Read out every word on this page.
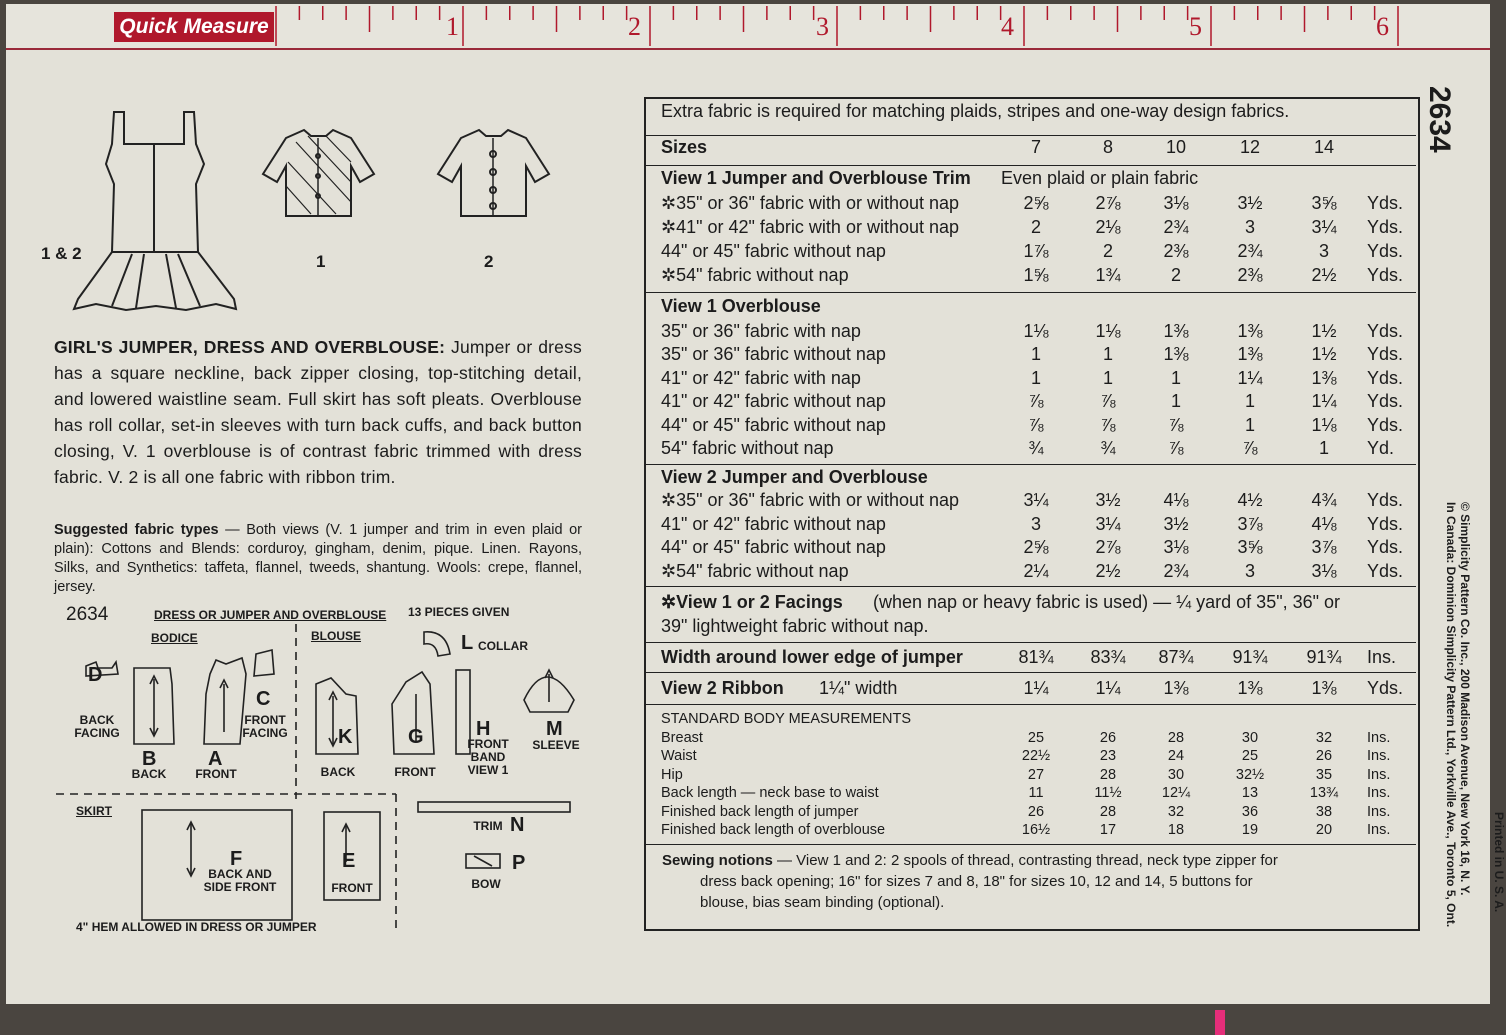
Quick Measure	1	2	3	4	5	6
1 & 2	1	2
GIRL'S JUMPER, DRESS AND OVERBLOUSE: Jumper or dress has a square neckline, back zipper closing, top-stitching detail, and lowered waistline seam. Full skirt has soft pleats. Overblouse has roll collar, set-in sleeves with turn back cuffs, and back button closing, V. 1 overblouse is of contrast fabric trimmed with dress fabric. V. 2 is all one fabric with ribbon trim.
Suggested fabric types — Both views (V. 1 jumper and trim in even plaid or plain): Cottons and Blends: corduroy, gingham, denim, pique. Linen. Rayons, Silks, and Synthetics: taffeta, flannel, tweeds, shantung. Wools: crepe, flannel, jersey.
2634	DRESS OR JUMPER AND OVERBLOUSE 13 PIECES GIVEN
BODICE	BLOUSE
SKIRT
4" HEM ALLOWED IN DRESS OR JUMPER
D
BACK FACING
B
BACK
A
FRONT
C
FRONT FACING	K
BACK
G
FRONT
H
FRONT BAND VIEW 1
M
SLEEVE
L COLLAR
F
BACK AND SIDE FRONT
E
FRONT
N
TRIM
P
BOW
Extra fabric is required for matching plaids, stripes and one-way design fabrics.
Sizes	7	8	10	12	14
View 1 Jumper and Overblouse Trim Even plaid or plain fabric
✲35" or 36" fabric with or without nap	2⅝	2⅞	3⅛	3½	3⅝	Yds.
✲41" or 42" fabric with or without nap	2	2⅛	2¾	3	3¼	Yds.
44" or 45" fabric without nap	1⅞	2	2⅜	2¾	3	Yds.
✲54" fabric without nap	1⅝	1¾	2	2⅜	2½	Yds.
View 1 Overblouse
35" or 36" fabric with nap	1⅛	1⅛	1⅜	1⅜	1½	Yds.
35" or 36" fabric without nap	1	1	1⅜	1⅜	1½	Yds.
41" or 42" fabric with nap	1	1	1	1¼	1⅜	Yds.
41" or 42" fabric without nap	⅞	⅞	1	1	1¼	Yds.
44" or 45" fabric without nap	⅞	⅞	⅞	1	1⅛	Yds.
54" fabric without nap	¾	¾	⅞	⅞	1	Yd.
View 2 Jumper and Overblouse
✲35" or 36" fabric with or without nap	3¼	3½	4⅛	4½	4¾	Yds.
41" or 42" fabric without nap	3	3¼	3½	3⅞	4⅛	Yds.
44" or 45" fabric without nap	2⅝	2⅞	3⅛	3⅝	3⅞	Yds.
✲54" fabric without nap	2¼	2½	2¾	3	3⅛	Yds.
✲View 1 or 2 Facings (when nap or heavy fabric is used) — ¼ yard of 35", 36" or
39" lightweight fabric without nap.
Width around lower edge of jumper	81¾ 83¾ 87¾ 91¾ 91¾ Ins.
View 2 Ribbon 1¼" width	1¼	1¼	1⅜	1⅜	1⅜	Yds.
STANDARD BODY MEASUREMENTS
Breast	25	26	28	30	32	Ins.
Waist	22½	23	24	25	26	Ins.
Hip	27	28	30	32½	35	Ins.
Back length — neck base to waist	11	11½	12¼	13	13¾	Ins.
Finished back length of jumper	26	28	32	36	38	Ins.
Finished back length of overblouse	16½	17	18	19	20	Ins.
Sewing notions — View 1 and 2: 2 spools of thread, contrasting thread, neck type zipper for
dress back opening; 16" for sizes 7 and 8, 18" for sizes 10, 12 and 14, 5 buttons for
blouse, bias seam binding (optional).
2634
© Simplicity Pattern Co. Inc., 200 Madison Avenue, New York 16, N. Y.
In Canada: Dominion Simplicity Pattern Ltd., Yorkville Ave., Toronto 5, Ont.	Printed in U. S. A.
